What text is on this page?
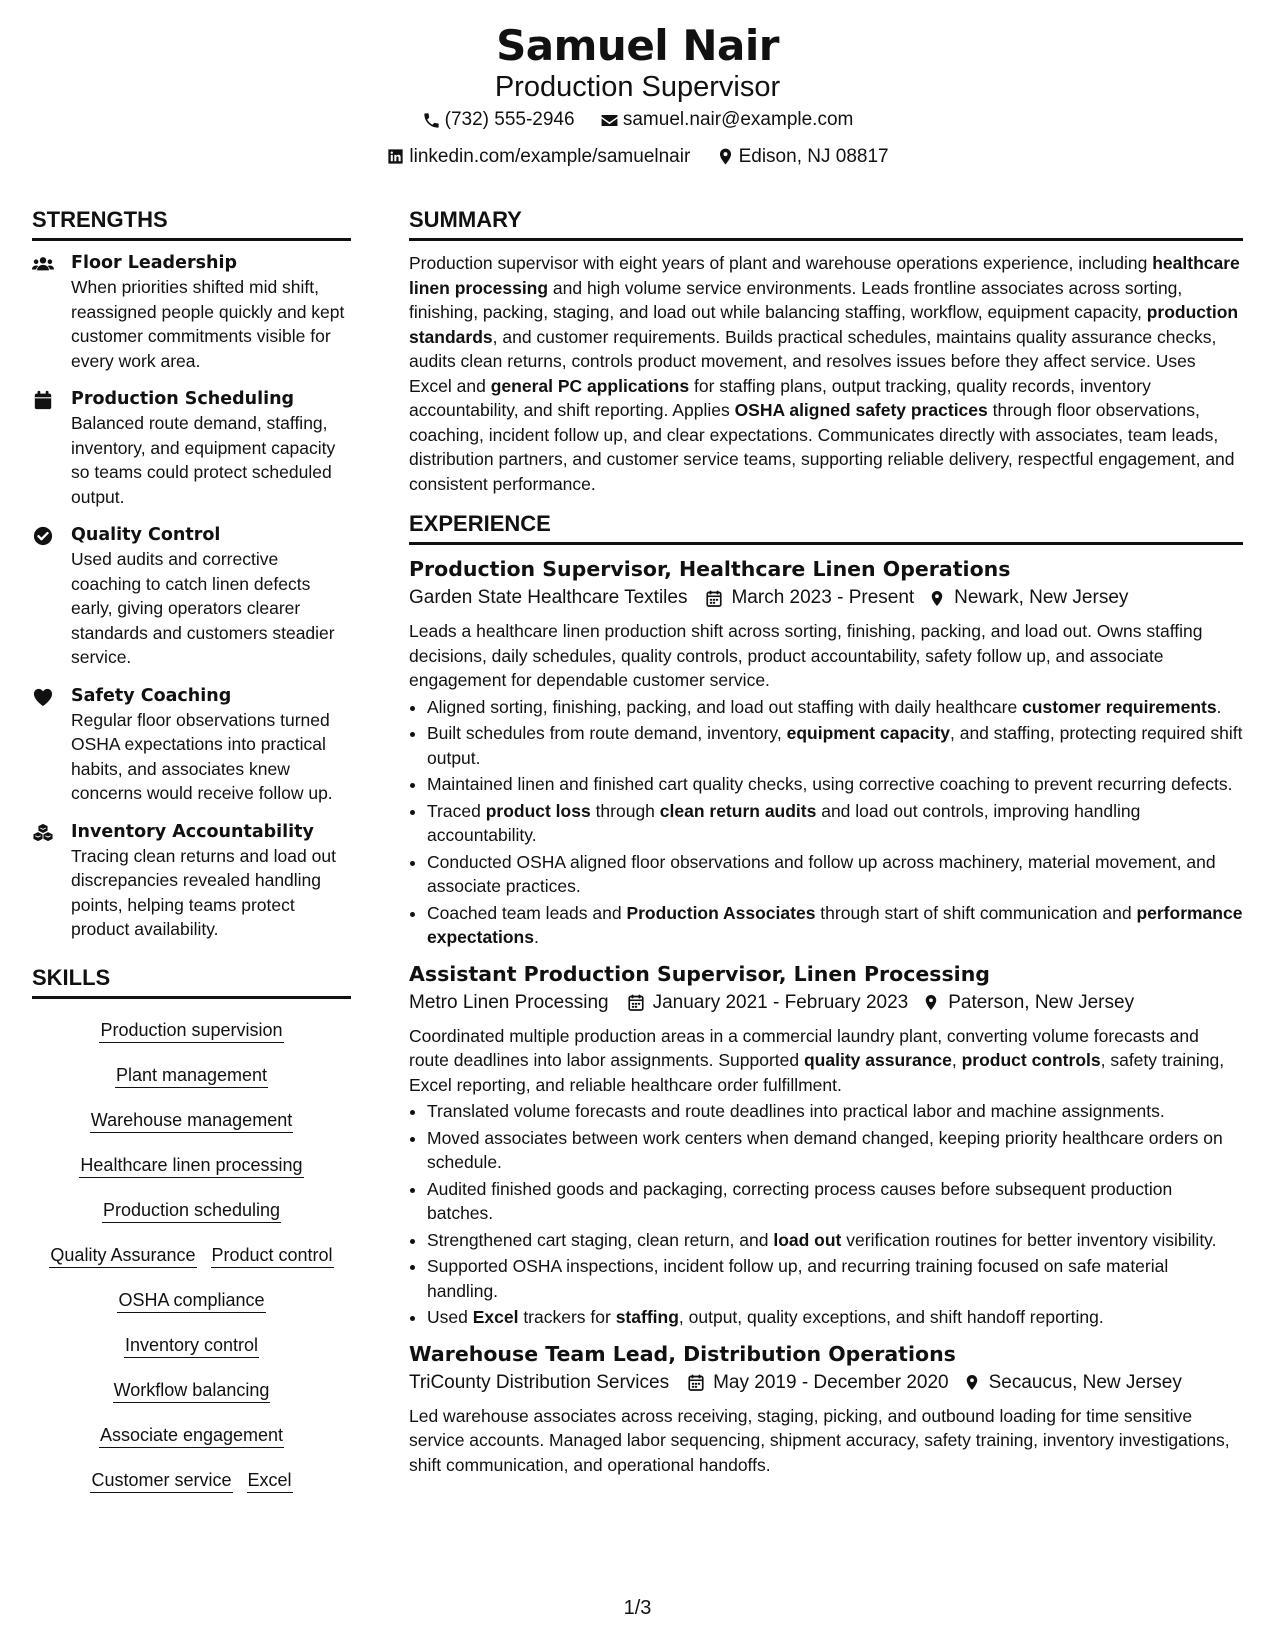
Samuel Nair
Production Supervisor
(732) 555-2946
	samuel.nair@example.com
linkedin.com/example/samuelnair
	Edison, NJ 08817
STRENGTHS
Floor Leadership
When priorities shifted mid shift, reassigned people quickly and kept customer commitments visible for every work area.
Production Scheduling
Balanced route demand, staffing, inventory, and equipment capacity so teams could protect scheduled output.
Quality Control
Used audits and corrective coaching to catch linen defects early, giving operators clearer standards and customers steadier service.
Safety Coaching
Regular floor observations turned OSHA expectations into practical habits, and associates knew concerns would receive follow up.
Inventory Accountability
Tracing clean returns and load out discrepancies revealed handling points, helping teams protect product availability.
SKILLS
Production supervision
Plant management
Warehouse management
Healthcare linen processing
Production scheduling
Quality Assurance Product control
OSHA compliance
Inventory control
Workflow balancing
Associate engagement
Customer service Excel
SUMMARY
Production supervisor with eight years of plant and warehouse operations experience, including healthcare linen processing and high volume service environments. Leads frontline associates across sorting, finishing, packing, staging, and load out while balancing staffing, workflow, equipment capacity, production standards, and customer requirements. Builds practical schedules, maintains quality assurance checks, audits clean returns, controls product movement, and resolves issues before they affect service. Uses Excel and general PC applications for staffing plans, output tracking, quality records, inventory accountability, and shift reporting. Applies OSHA aligned safety practices through floor observations, coaching, incident follow up, and clear expectations. Communicates directly with associates, team leads, distribution partners, and customer service teams, supporting reliable delivery, respectful engagement, and consistent performance.
EXPERIENCE
Production Supervisor, Healthcare Linen Operations
Garden State Healthcare Textiles March 2023 - Present Newark, New Jersey
Leads a healthcare linen production shift across sorting, finishing, packing, and load out. Owns staffing decisions, daily schedules, quality controls, product accountability, safety follow up, and associate engagement for dependable customer service.
• Aligned sorting, finishing, packing, and load out staffing with daily healthcare customer requirements.
• Built schedules from route demand, inventory, equipment capacity, and staffing, protecting required shift output.
• Maintained linen and finished cart quality checks, using corrective coaching to prevent recurring defects.
• Traced product loss through clean return audits and load out controls, improving handling accountability.
• Conducted OSHA aligned floor observations and follow up across machinery, material movement, and associate practices.
• Coached team leads and Production Associates through start of shift communication and performance expectations.
Assistant Production Supervisor, Linen Processing
Metro Linen Processing January 2021 - February 2023 Paterson, New Jersey
Coordinated multiple production areas in a commercial laundry plant, converting volume forecasts and route deadlines into labor assignments. Supported quality assurance, product controls, safety training, Excel reporting, and reliable healthcare order fulfillment.
• Translated volume forecasts and route deadlines into practical labor and machine assignments.
• Moved associates between work centers when demand changed, keeping priority healthcare orders on schedule.
• Audited finished goods and packaging, correcting process causes before subsequent production batches.
• Strengthened cart staging, clean return, and load out verification routines for better inventory visibility.
• Supported OSHA inspections, incident follow up, and recurring training focused on safe material handling.
• Used Excel trackers for staffing, output, quality exceptions, and shift handoff reporting.
Warehouse Team Lead, Distribution Operations
TriCounty Distribution Services May 2019 - December 2020 Secaucus, New Jersey
Led warehouse associates across receiving, staging, picking, and outbound loading for time sensitive service accounts. Managed labor sequencing, shipment accuracy, safety training, inventory investigations, shift communication, and operational handoffs.
1/3
